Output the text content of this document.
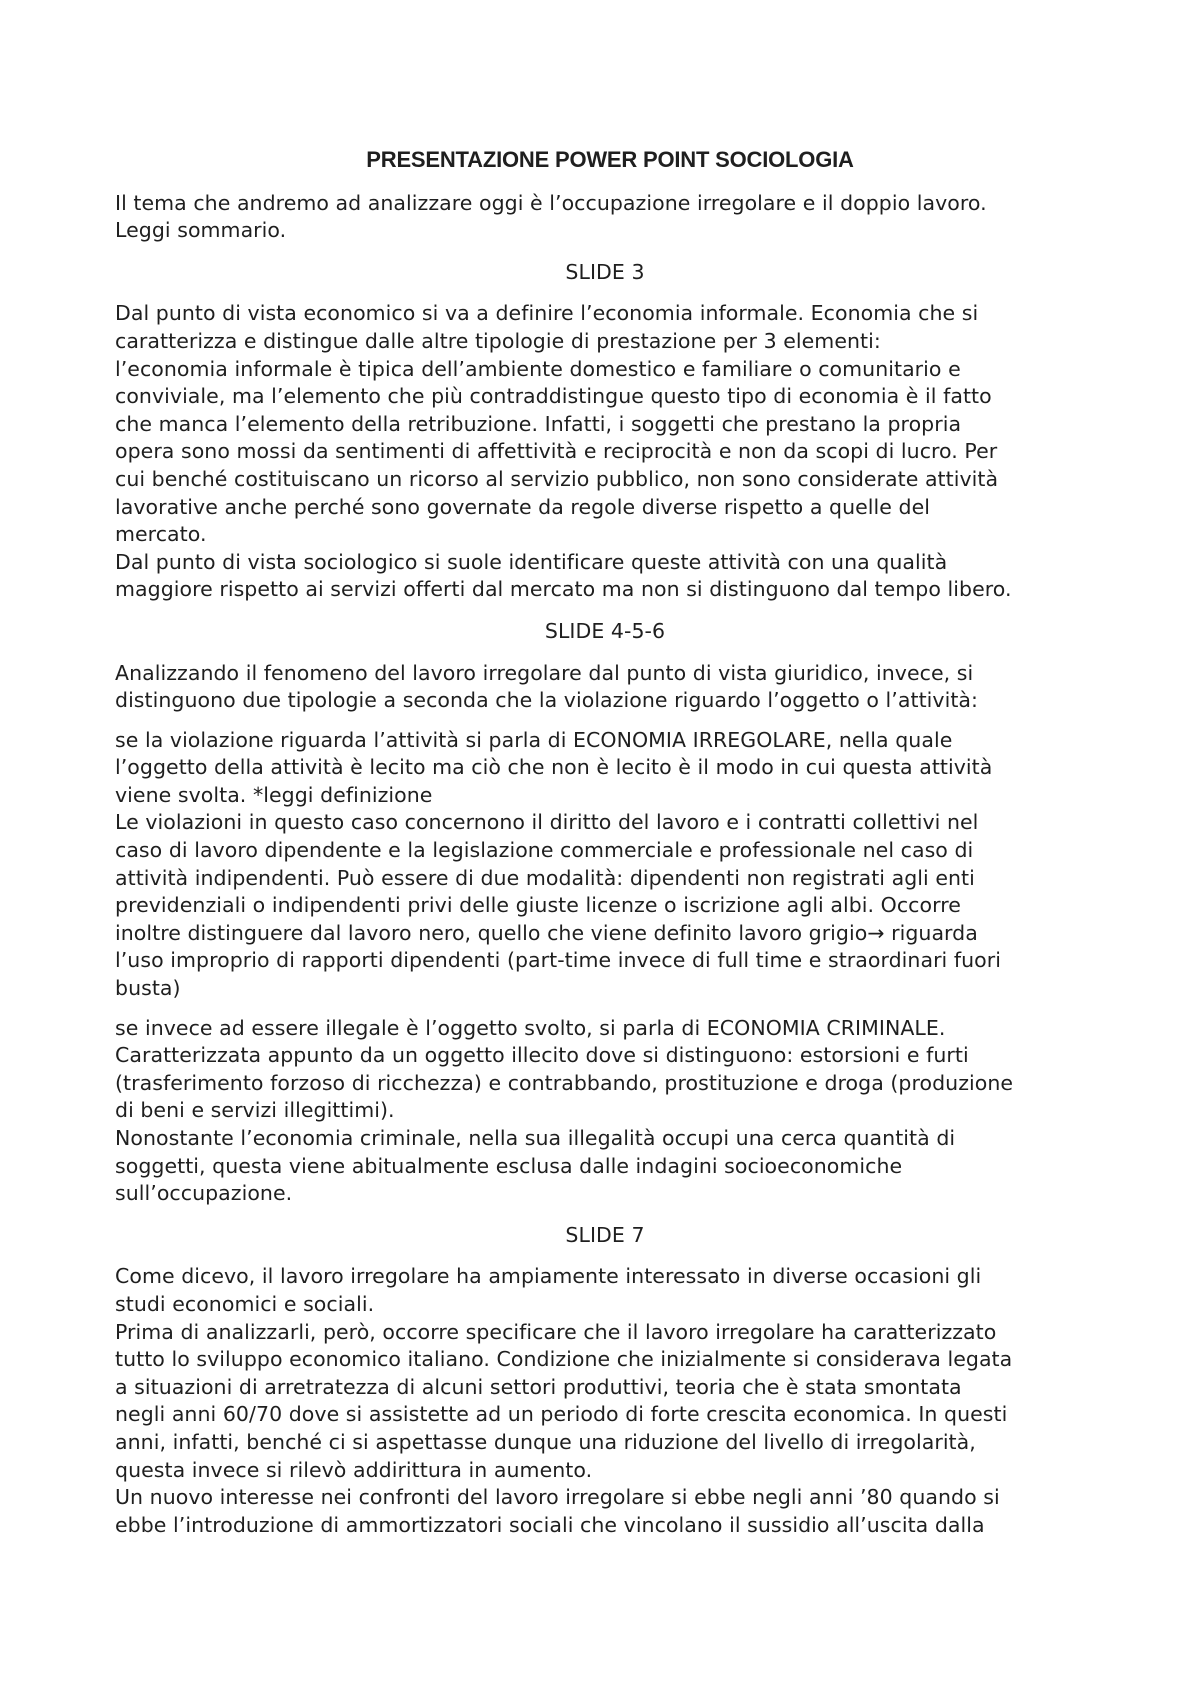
PRESENTAZIONE POWER POINT SOCIOLOGIA

Il tema che andremo ad analizzare oggi è l’occupazione irregolare e il doppio lavoro.
Leggi sommario.

SLIDE 3

Dal punto di vista economico si va a definire l’economia informale. Economia che si
caratterizza e distingue dalle altre tipologie di prestazione per 3 elementi:
l’economia informale è tipica dell’ambiente domestico e familiare o comunitario e
conviviale, ma l’elemento che più contraddistingue questo tipo di economia è il fatto
che manca l’elemento della retribuzione. Infatti, i soggetti che prestano la propria
opera sono mossi da sentimenti di affettività e reciprocità e non da scopi di lucro. Per
cui benché costituiscano un ricorso al servizio pubblico, non sono considerate attività
lavorative anche perché sono governate da regole diverse rispetto a quelle del
mercato.

Dal punto di vista sociologico si suole identificare queste attività con una qualità
maggiore rispetto ai servizi offerti dal mercato ma non si distinguono dal tempo libero.

SLIDE 4-5-6

Analizzando il fenomeno del lavoro irregolare dal punto di vista giuridico, invece, si
distinguono due tipologie a seconda che la violazione riguardo l’oggetto o l’attività:

se la violazione riguarda l’attività si parla di ECONOMIA IRREGOLARE, nella quale
l’oggetto della attività è lecito ma ciò che non è lecito è il modo in cui questa attività
viene svolta. *leggi definizione
Le violazioni in questo caso concernono il diritto del lavoro e i contratti collettivi nel
caso di lavoro dipendente e la legislazione commerciale e professionale nel caso di
attività indipendenti. Può essere di due modalità: dipendenti non registrati agli enti
previdenziali o indipendenti privi delle giuste licenze o iscrizione agli albi. Occorre
inoltre distinguere dal lavoro nero, quello che viene definito lavoro grigio→ riguarda
l’uso improprio di rapporti dipendenti (part-time invece di full time e straordinari fuori
busta)

se invece ad essere illegale è l’oggetto svolto, si parla di ECONOMIA CRIMINALE.
Caratterizzata appunto da un oggetto illecito dove si distinguono: estorsioni e furti
(trasferimento forzoso di ricchezza) e contrabbando, prostituzione e droga (produzione
di beni e servizi illegittimi).
Nonostante l’economia criminale, nella sua illegalità occupi una cerca quantità di
soggetti, questa viene abitualmente esclusa dalle indagini socioeconomiche
sull’occupazione.

SLIDE 7

Come dicevo, il lavoro irregolare ha ampiamente interessato in diverse occasioni gli
studi economici e sociali.
Prima di analizzarli, però, occorre specificare che il lavoro irregolare ha caratterizzato
tutto lo sviluppo economico italiano. Condizione che inizialmente si considerava legata
a situazioni di arretratezza di alcuni settori produttivi, teoria che è stata smontata
negli anni 60/70 dove si assistette ad un periodo di forte crescita economica. In questi
anni, infatti, benché ci si aspettasse dunque una riduzione del livello di irregolarità,
questa invece si rilevò addirittura in aumento.
Un nuovo interesse nei confronti del lavoro irregolare si ebbe negli anni ’80 quando si
ebbe l’introduzione di ammortizzatori sociali che vincolano il sussidio all’uscita dalla
